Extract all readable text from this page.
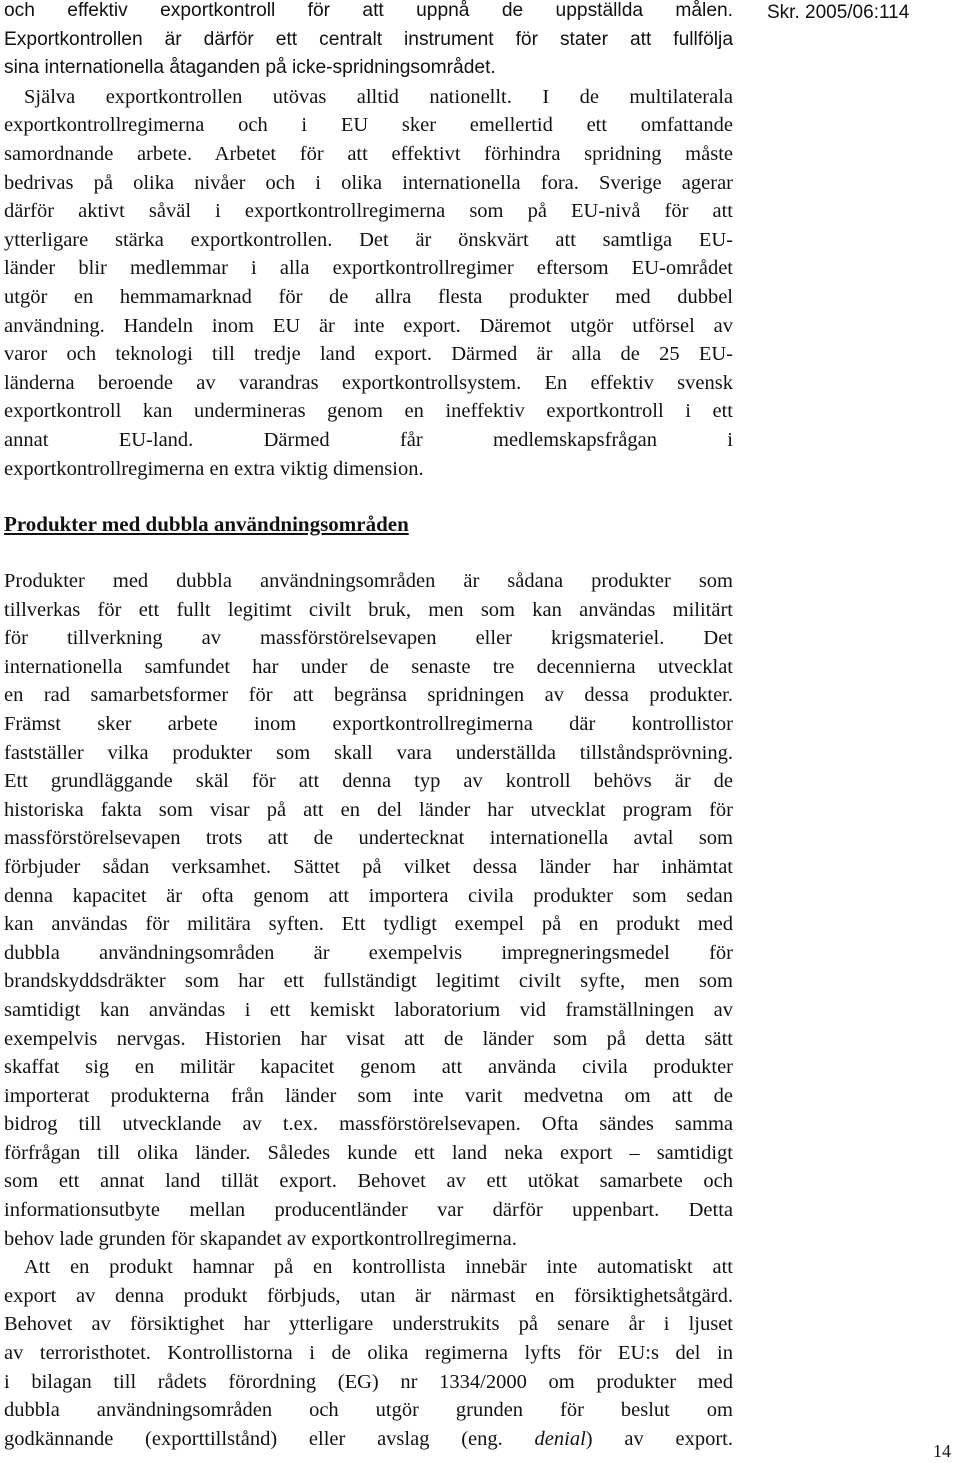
Skr. 2005/06:114
och effektiv exportkontroll för att uppnå de uppställda målen.
Exportkontrollen är därför ett centralt instrument för stater att fullfölja
sina internationella åtaganden på icke-spridningsområdet.
Själva exportkontrollen utövas alltid nationellt. I de multilaterala
exportkontrollregimerna och i EU sker emellertid ett omfattande
samordnande arbete. Arbetet för att effektivt förhindra spridning måste
bedrivas på olika nivåer och i olika internationella fora. Sverige agerar
därför aktivt såväl i exportkontrollregimerna som på EU-nivå för att
ytterligare stärka exportkontrollen. Det är önskvärt att samtliga EU-
länder blir medlemmar i alla exportkontrollregimer eftersom EU-området
utgör en hemmamarknad för de allra flesta produkter med dubbel
användning. Handeln inom EU är inte export. Däremot utgör utförsel av
varor och teknologi till tredje land export. Därmed är alla de 25 EU-
länderna beroende av varandras exportkontrollsystem. En effektiv svensk
exportkontroll kan undermineras genom en ineffektiv exportkontroll i ett
annat EU-land. Därmed får medlemskapsfrågan i
exportkontrollregimerna en extra viktig dimension.
Produkter med dubbla användningsområden
Produkter med dubbla användningsområden är sådana produkter som
tillverkas för ett fullt legitimt civilt bruk, men som kan användas militärt
för tillverkning av massförstörelsevapen eller krigsmateriel. Det
internationella samfundet har under de senaste tre decennierna utvecklat
en rad samarbetsformer för att begränsa spridningen av dessa produkter.
Främst sker arbete inom exportkontrollregimerna där kontrollistor
fastställer vilka produkter som skall vara underställda tillståndsprövning.
Ett grundläggande skäl för att denna typ av kontroll behövs är de
historiska fakta som visar på att en del länder har utvecklat program för
massförstörelsevapen trots att de undertecknat internationella avtal som
förbjuder sådan verksamhet. Sättet på vilket dessa länder har inhämtat
denna kapacitet är ofta genom att importera civila produkter som sedan
kan användas för militära syften. Ett tydligt exempel på en produkt med
dubbla användningsområden är exempelvis impregneringsmedel för
brandskyddsdräkter som har ett fullständigt legitimt civilt syfte, men som
samtidigt kan användas i ett kemiskt laboratorium vid framställningen av
exempelvis nervgas. Historien har visat att de länder som på detta sätt
skaffat sig en militär kapacitet genom att använda civila produkter
importerat produkterna från länder som inte varit medvetna om att de
bidrog till utvecklande av t.ex. massförstörelsevapen. Ofta sändes samma
förfrågan till olika länder. Således kunde ett land neka export – samtidigt
som ett annat land tillät export. Behovet av ett utökat samarbete och
informationsutbyte mellan producentländer var därför uppenbart. Detta
behov lade grunden för skapandet av exportkontrollregimerna.
Att en produkt hamnar på en kontrollista innebär inte automatiskt att
export av denna produkt förbjuds, utan är närmast en försiktighetsåtgärd.
Behovet av försiktighet har ytterligare understrukits på senare år i ljuset
av terroristhotet. Kontrollistorna i de olika regimerna lyfts för EU:s del in
i bilagan till rådets förordning (EG) nr 1334/2000 om produkter med
dubbla användningsområden och utgör grunden för beslut om
godkännande (exporttillstånd) eller avslag (eng. denial) av export.
14
